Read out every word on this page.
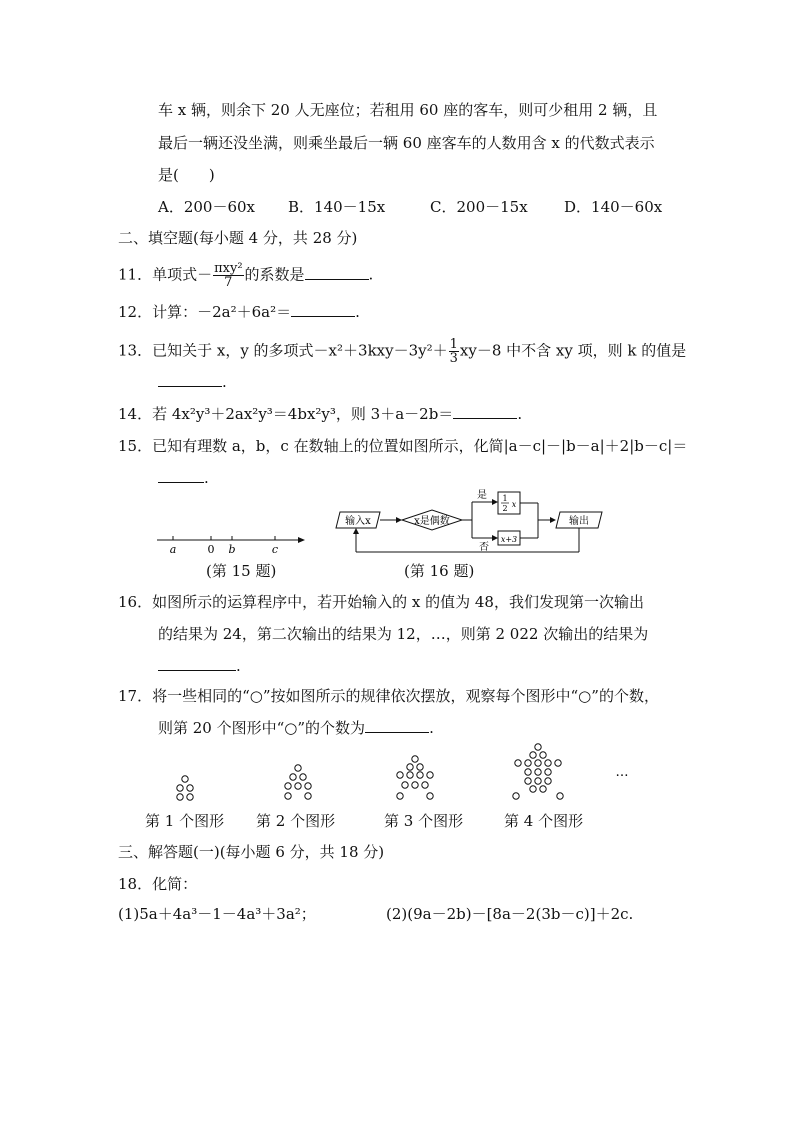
车 x 辆，则余下 20 人无座位；若租用 60 座的客车，则可少租用 2 辆，且
最后一辆还没坐满，则乘坐最后一辆 60 座客车的人数用含 x 的代数式表示
是(　　)
A．200－60x B．140－15x	C．200－15x D．140－60x
二、填空题(每小题 4 分，共 28 分)
11．单项式－ $\frac{\text{πxy²}}{7}$ 的系数是	.
12．计算：－2a²＋6a²＝	.
13．已知关于 x，y 的多项式$-x^2+3kxy-3y^2+ \frac{1}{3} xy-8$ 中不含 xy 项，则 k 的值是
.
14．若 4x²y³＋2ax²y³＝4bx²y³，则 3＋a－2b＝	.
15．已知有理数 a，b，c 在数轴上的位置如图所示，化简|a－c|－|b－a|＋2|b－c|＝
.
a	0 b	c
(第 15 题)
输入x	x是偶数
是
否
1
2 x
x+3
输出
(第 16 题)
16．如图所示的运算程序中，若开始输入的 x 的值为 48，我们发现第一次输出
的结果为 24，第二次输出的结果为 12，…，则第 2 022 次输出的结果为
.
17．将一些相同的“○”按如图所示的规律依次摆放，观察每个图形中“○”的个数，
则第 20 个图形中“○”的个数为	.
…
第 1 个图形 第 2 个图形	第 3 个图形	第 4 个图形
三、解答题(一)(每小题 6 分，共 18 分)
18．化简：
(1)5a＋4a³－1－4a³＋3a²；	(2)(9a－2b)－[8a－2(3b－c)]＋2c.
